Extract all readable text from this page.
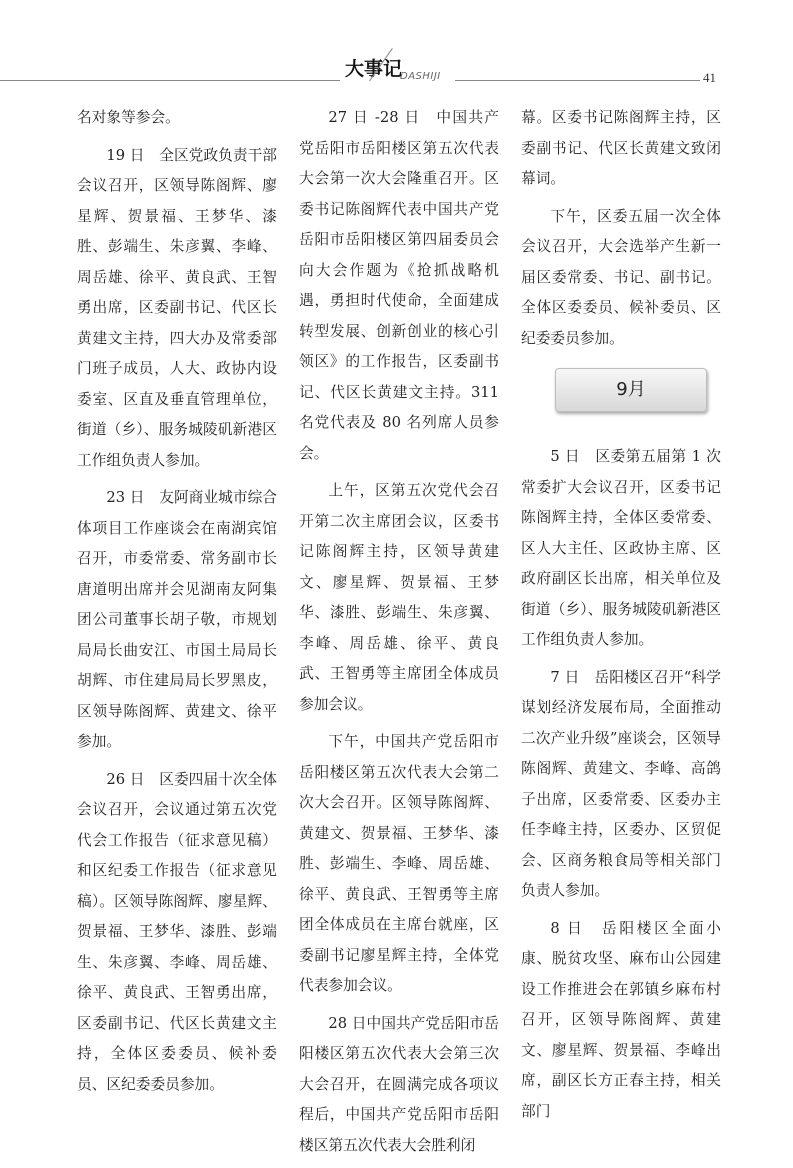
大事记
DASHIJI	41

名对象等参会。

19 日　全区党政负责干部会议召开，区领导陈阁辉、廖星辉、贺景福、王梦华、漆胜、彭端生、朱彦翼、李峰、周岳雄、徐平、黄良武、王智勇出席，区委副书记、代区长黄建文主持，四大办及常委部门班子成员，人大、政协内设委室、区直及垂直管理单位，街道（乡）、服务城陵矶新港区工作组负责人参加。

23 日　友阿商业城市综合体项目工作座谈会在南湖宾馆召开，市委常委、常务副市长唐道明出席并会见湖南友阿集团公司董事长胡子敬，市规划局局长曲安江、市国土局局长胡辉、市住建局局长罗黑皮，区领导陈阁辉、黄建文、徐平参加。

26 日　区委四届十次全体会议召开，会议通过第五次党代会工作报告（征求意见稿）和区纪委工作报告（征求意见稿）。区领导陈阁辉、廖星辉、贺景福、王梦华、漆胜、彭端生、朱彦翼、李峰、周岳雄、徐平、黄良武、王智勇出席，区委副书记、代区长黄建文主持，全体区委委员、候补委员、区纪委委员参加。

27 日 -28 日　中国共产党岳阳市岳阳楼区第五次代表大会第一次大会隆重召开。区委书记陈阁辉代表中国共产党岳阳市岳阳楼区第四届委员会向大会作题为《抢抓战略机遇，勇担时代使命，全面建成转型发展、创新创业的核心引领区》的工作报告，区委副书记、代区长黄建文主持。311 名党代表及 80 名列席人员参会。

上午，区第五次党代会召开第二次主席团会议，区委书记陈阁辉主持，区领导黄建文、廖星辉、贺景福、王梦华、漆胜、彭端生、朱彦翼、李峰、周岳雄、徐平、黄良武、王智勇等主席团全体成员参加会议。

下午，中国共产党岳阳市岳阳楼区第五次代表大会第二次大会召开。区领导陈阁辉、黄建文、贺景福、王梦华、漆胜、彭端生、李峰、周岳雄、徐平、黄良武、王智勇等主席团全体成员在主席台就座，区委副书记廖星辉主持，全体党代表参加会议。

28 日中国共产党岳阳市岳阳楼区第五次代表大会第三次大会召开，在圆满完成各项议程后，中国共产党岳阳市岳阳楼区第五次代表大会胜利闭

幕。区委书记陈阁辉主持，区委副书记、代区长黄建文致闭幕词。

下午，区委五届一次全体会议召开，大会选举产生新一届区委常委、书记、副书记。全体区委委员、候补委员、区纪委委员参加。

9月

5 日　区委第五届第 1 次常委扩大会议召开，区委书记陈阁辉主持，全体区委常委、区人大主任、区政协主席、区政府副区长出席，相关单位及街道（乡）、服务城陵矶新港区工作组负责人参加。

7 日　岳阳楼区召开“科学谋划经济发展布局，全面推动二次产业升级”座谈会，区领导陈阁辉、黄建文、李峰、高鸽子出席，区委常委、区委办主任李峰主持，区委办、区贸促会、区商务粮食局等相关部门负责人参加。

8 日　岳阳楼区全面小康、脱贫攻坚、麻布山公园建设工作推进会在郭镇乡麻布村召开，区领导陈阁辉、黄建文、廖星辉、贺景福、李峰出席，副区长方正春主持，相关部门
